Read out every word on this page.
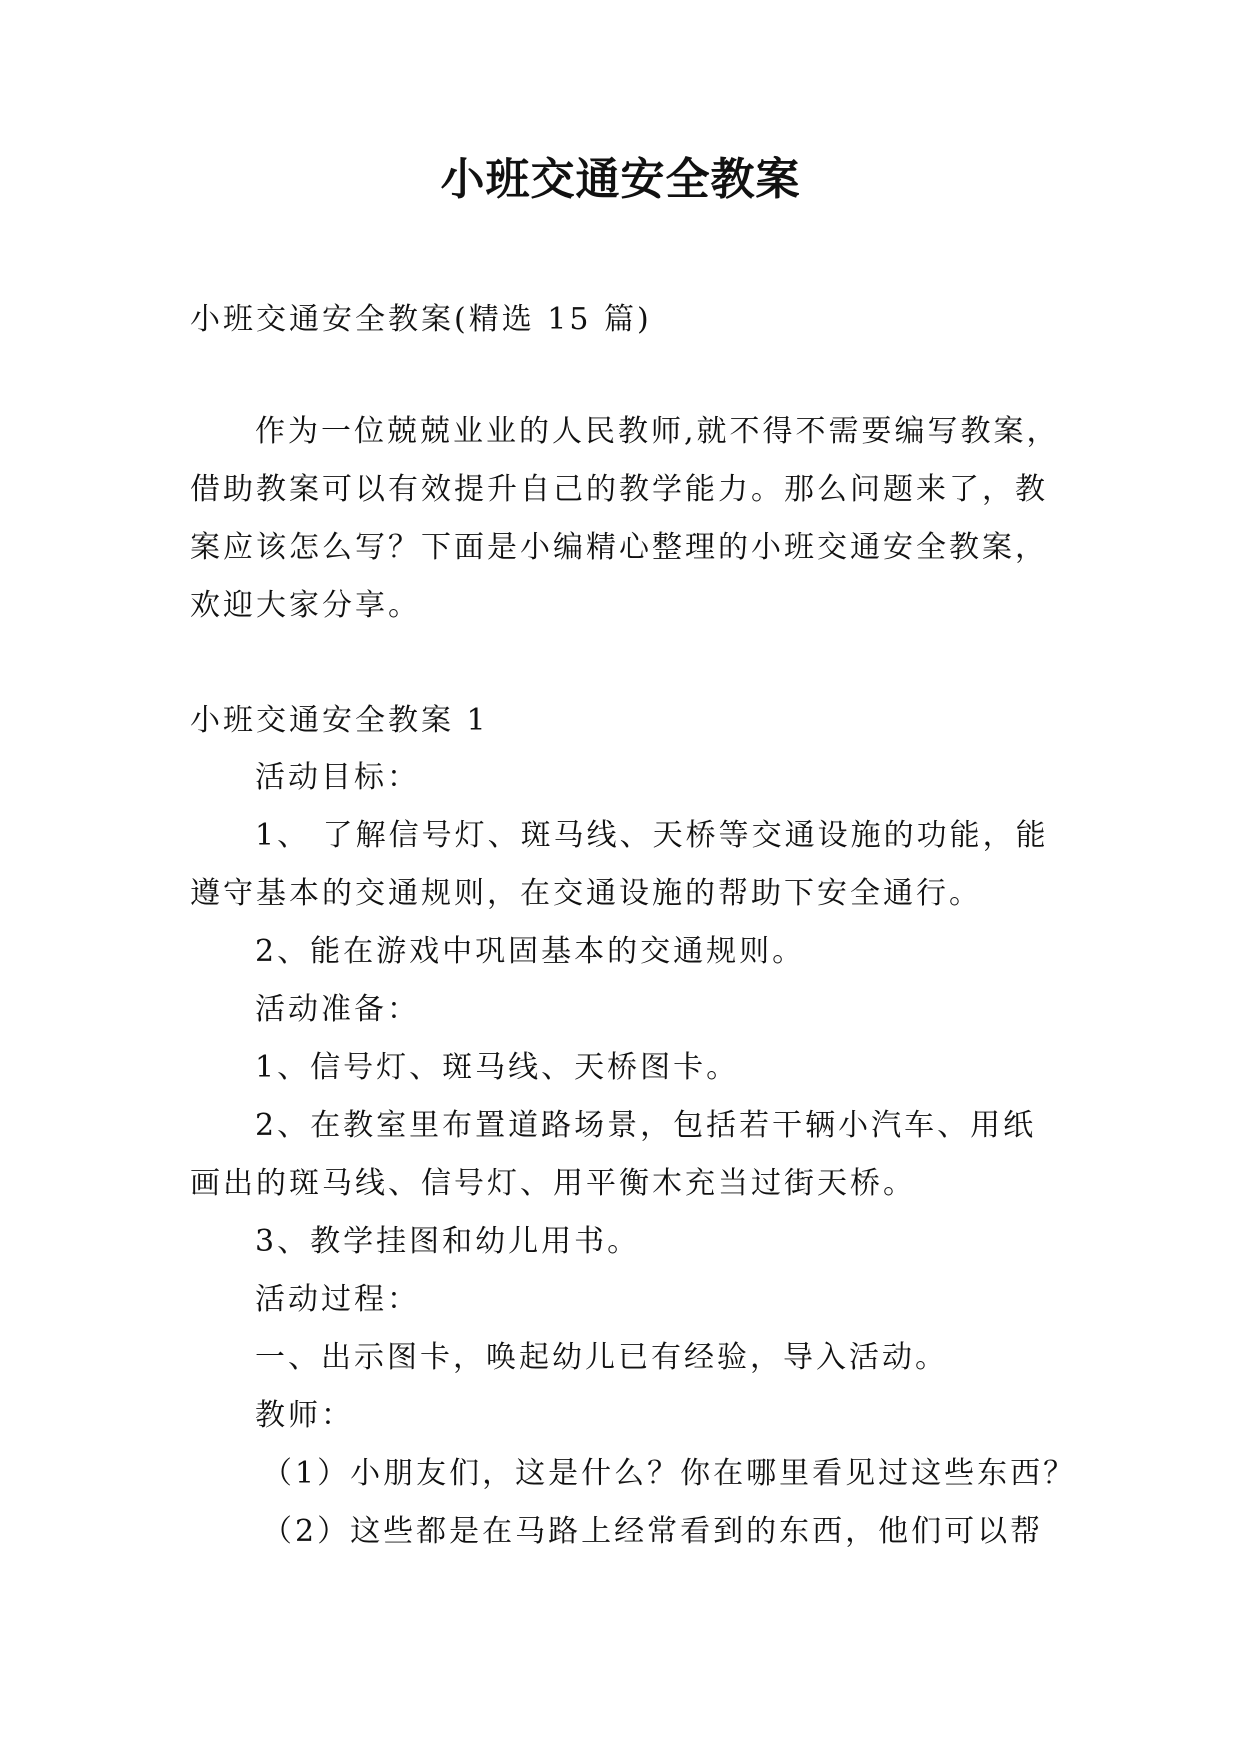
小班交通安全教案
小班交通安全教案(精选 15 篇)
作为一位兢兢业业的人民教师,就不得不需要编写教案，
借助教案可以有效提升自己的教学能力。那么问题来了，教
案应该怎么写？下面是小编精心整理的小班交通安全教案，
欢迎大家分享。
小班交通安全教案 1
活动目标：
1、 了解信号灯、斑马线、天桥等交通设施的功能，能
遵守基本的交通规则，在交通设施的帮助下安全通行。
2、能在游戏中巩固基本的交通规则。
活动准备：
1、信号灯、斑马线、天桥图卡。
2、在教室里布置道路场景，包括若干辆小汽车、用纸
画出的斑马线、信号灯、用平衡木充当过街天桥。
3、教学挂图和幼儿用书。
活动过程：
一、出示图卡，唤起幼儿已有经验，导入活动。
教师：
（1）小朋友们，这是什么？你在哪里看见过这些东西？
（2）这些都是在马路上经常看到的东西，他们可以帮
